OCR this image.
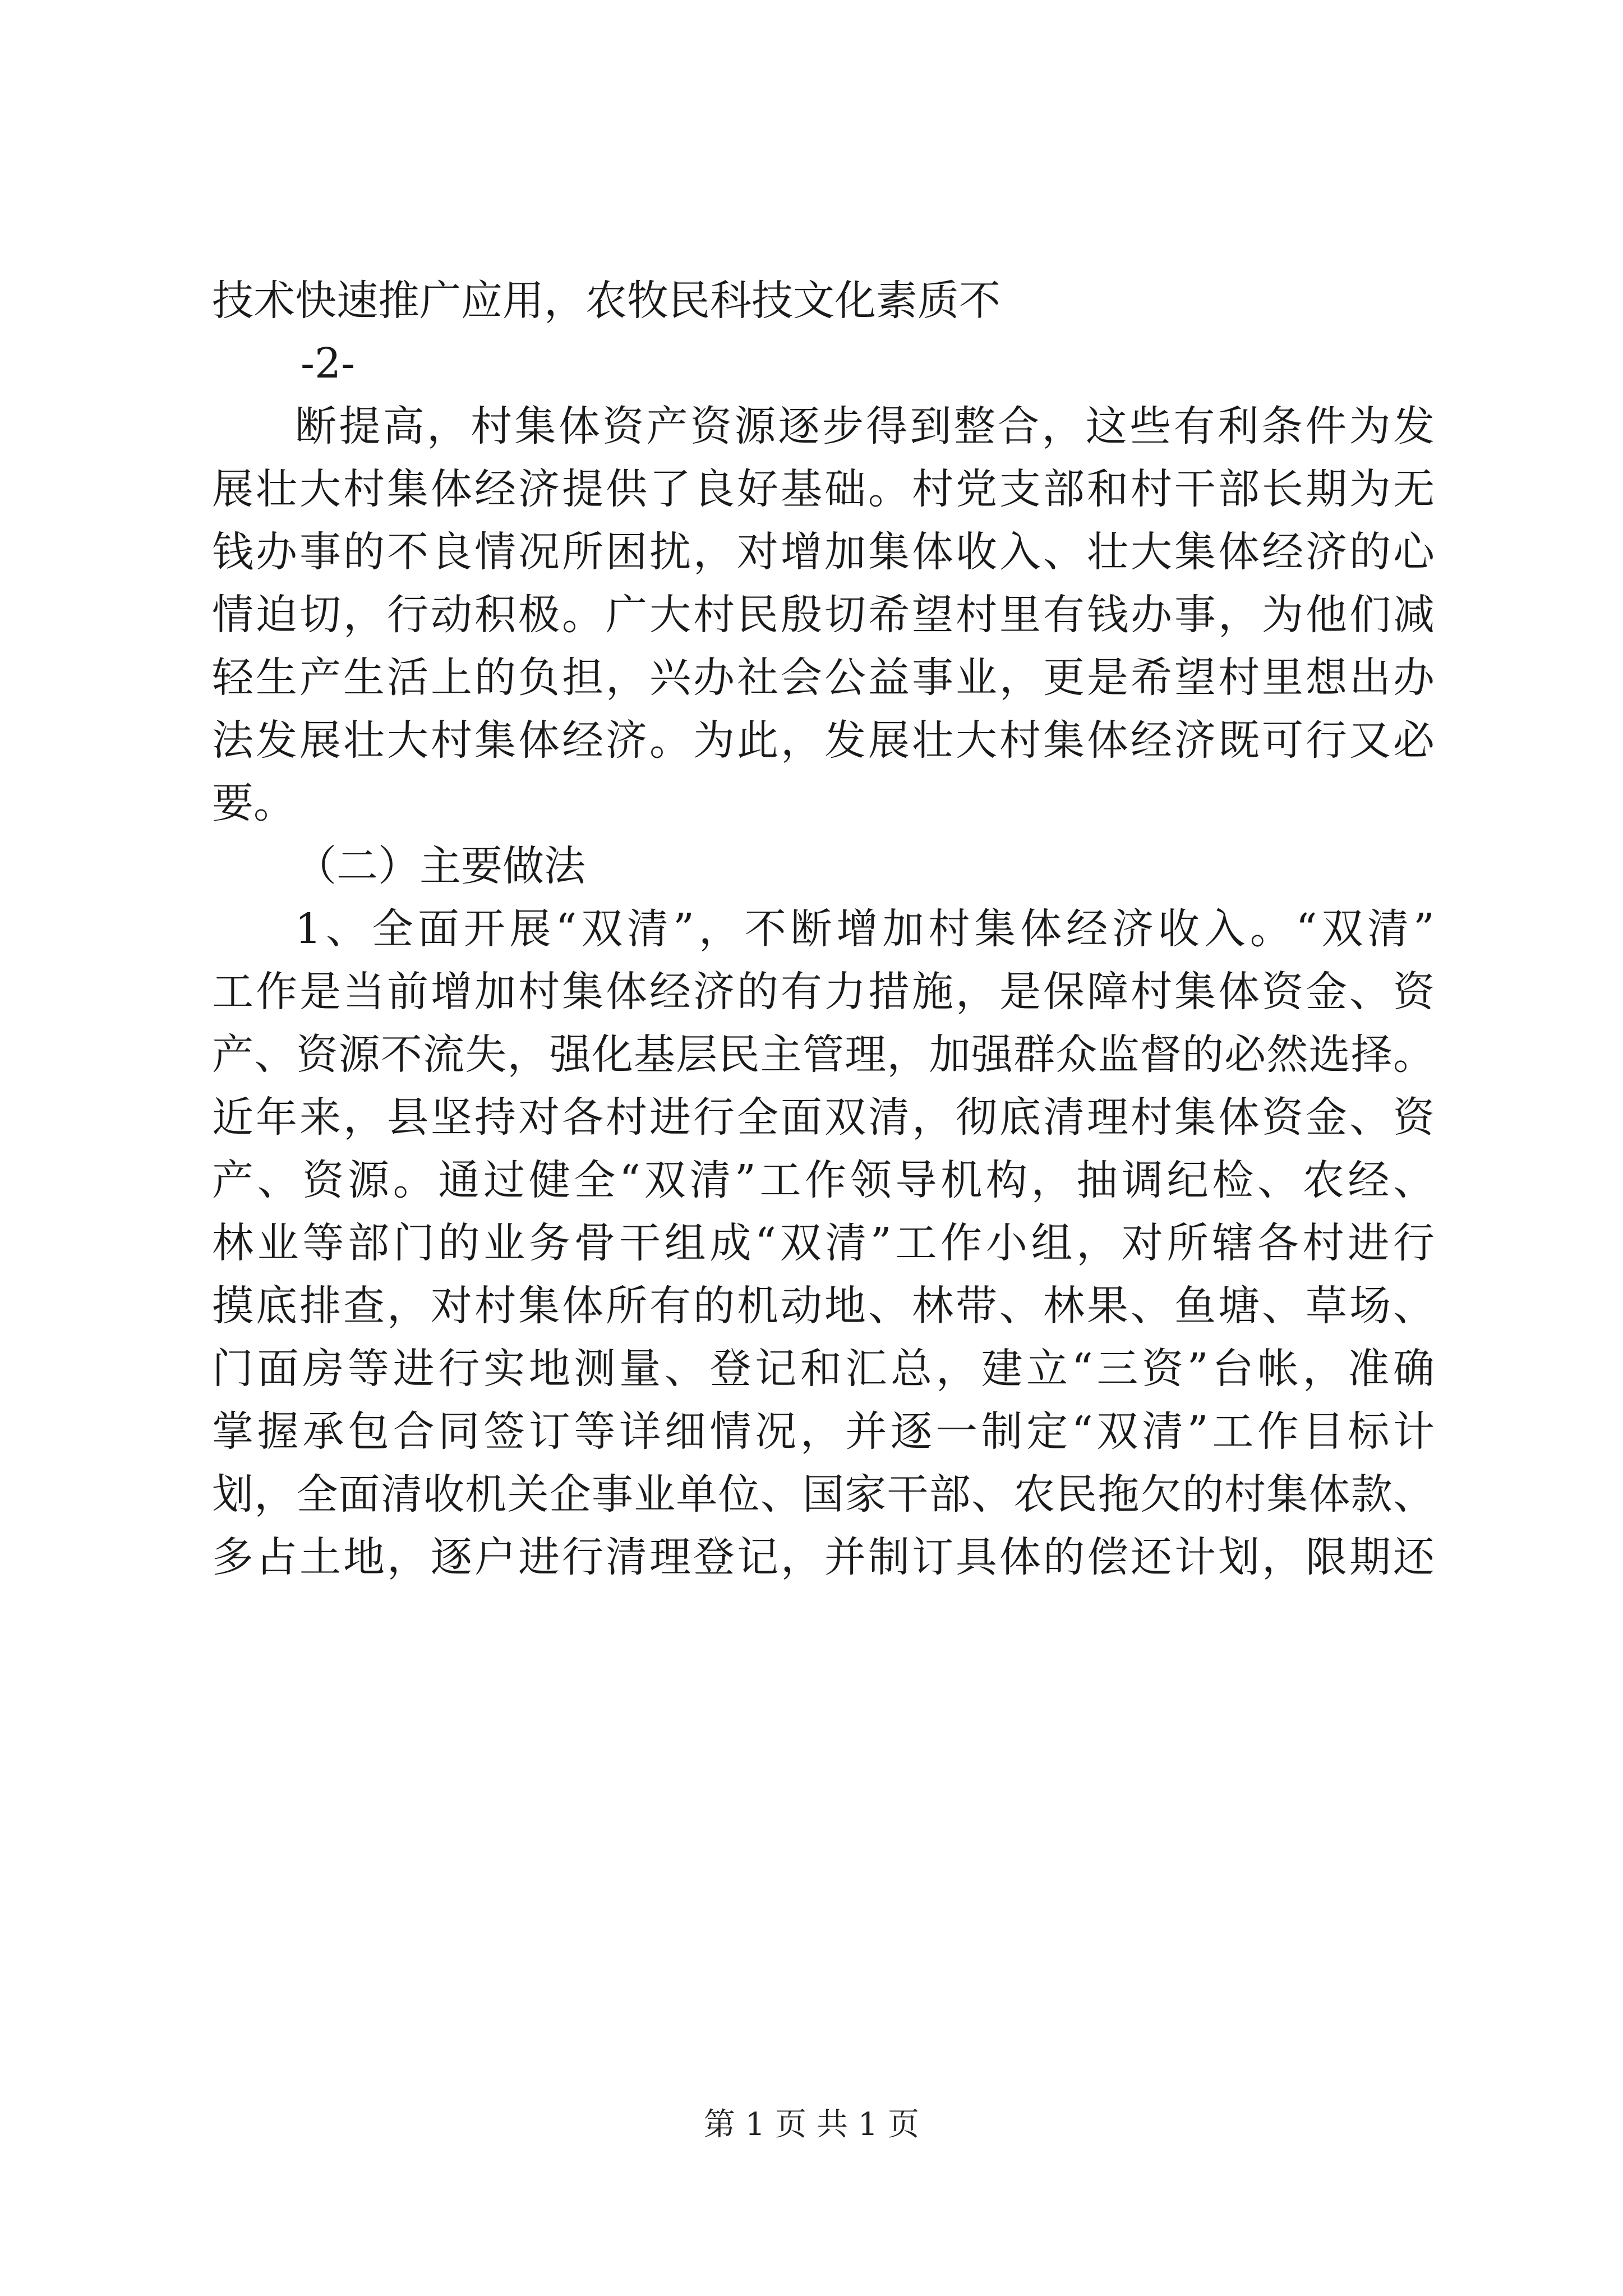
技术快速推广应用，农牧民科技文化素质不
-2-
断提高，村集体资产资源逐步得到整合，这些有利条件为发
展壮大村集体经济提供了良好基础。村党支部和村干部长期为无
钱办事的不良情况所困扰，对增加集体收入、壮大集体经济的心
情迫切，行动积极。广大村民殷切希望村里有钱办事，为他们减
轻生产生活上的负担，兴办社会公益事业，更是希望村里想出办
法发展壮大村集体经济。为此，发展壮大村集体经济既可行又必
要。
（二）主要做法
1、全面开展“双清”，不断增加村集体经济收入。“双清”
工作是当前增加村集体经济的有力措施，是保障村集体资金、资
产、资源不流失，强化基层民主管理，加强群众监督的必然选择。
近年来，县坚持对各村进行全面双清，彻底清理村集体资金、资
产、资源。通过健全“双清”工作领导机构，抽调纪检、农经、
林业等部门的业务骨干组成“双清”工作小组，对所辖各村进行
摸底排查，对村集体所有的机动地、林带、林果、鱼塘、草场、
门面房等进行实地测量、登记和汇总，建立“三资”台帐，准确
掌握承包合同签订等详细情况，并逐一制定“双清”工作目标计
划，全面清收机关企事业单位、国家干部、农民拖欠的村集体款、
多占土地，逐户进行清理登记，并制订具体的偿还计划，限期还
第 1 页 共 1 页
